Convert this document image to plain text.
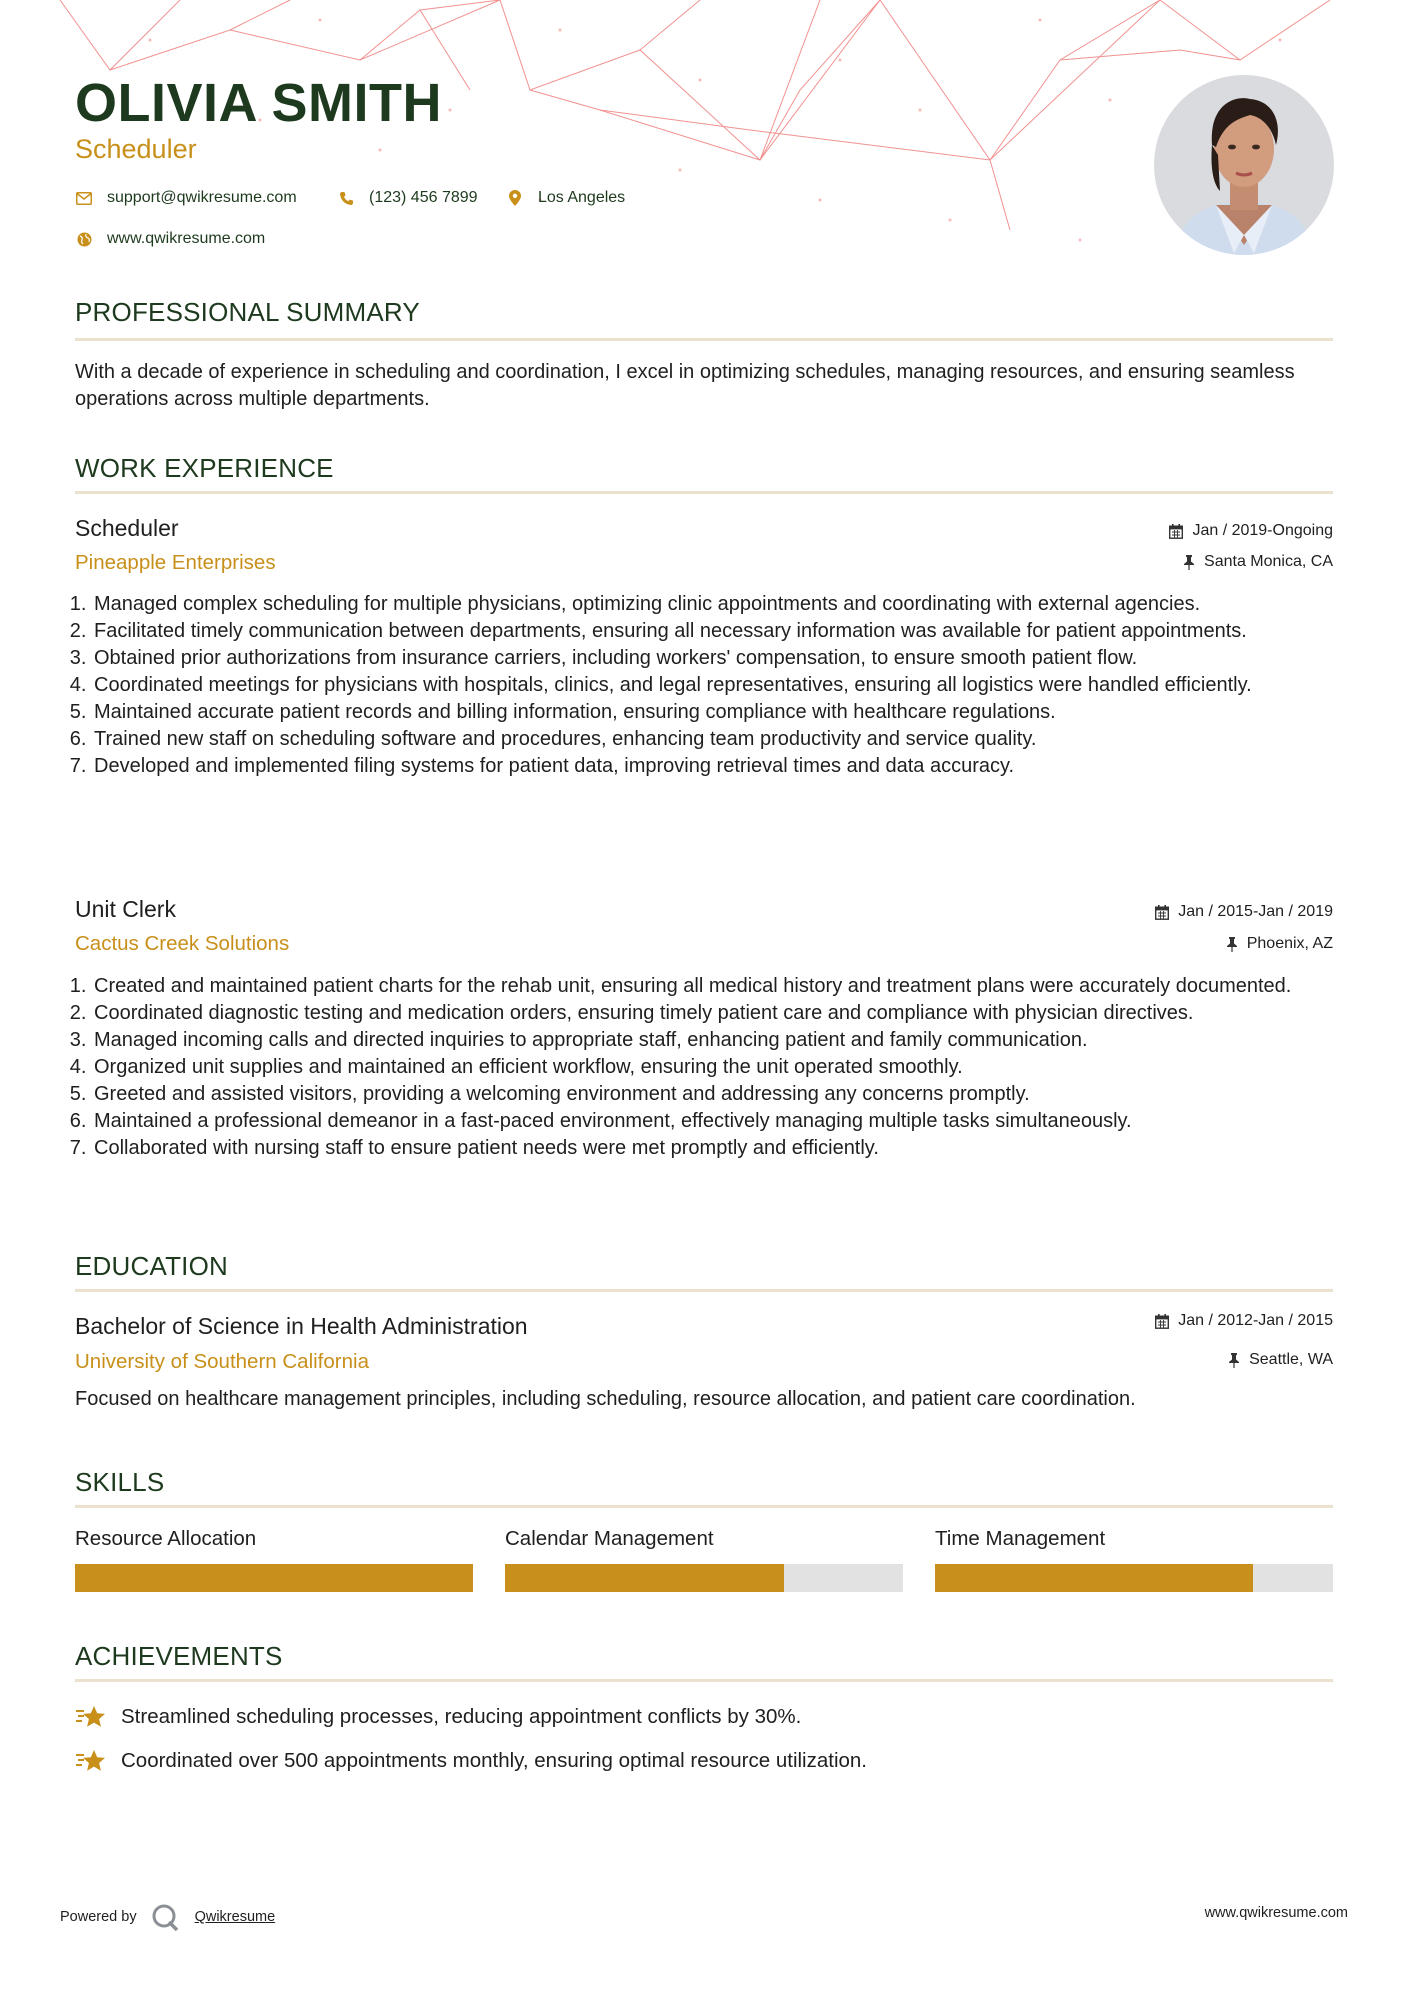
OLIVIA SMITH
Scheduler
support@qwikresume.com	(123) 456 7899	Los Angeles
www.qwikresume.com
PROFESSIONAL SUMMARY
With a decade of experience in scheduling and coordination, I excel in optimizing schedules, managing resources, and ensuring seamless operations across multiple departments.
WORK EXPERIENCE
Scheduler
Pineapple Enterprises
Jan / 2019-Ongoing
Santa Monica, CA
1. Managed complex scheduling for multiple physicians, optimizing clinic appointments and coordinating with external agencies.
2. Facilitated timely communication between departments, ensuring all necessary information was available for patient appointments.
3. Obtained prior authorizations from insurance carriers, including workers' compensation, to ensure smooth patient flow.
4. Coordinated meetings for physicians with hospitals, clinics, and legal representatives, ensuring all logistics were handled efficiently.
5. Maintained accurate patient records and billing information, ensuring compliance with healthcare regulations.
6. Trained new staff on scheduling software and procedures, enhancing team productivity and service quality.
7. Developed and implemented filing systems for patient data, improving retrieval times and data accuracy.
Unit Clerk
Cactus Creek Solutions
Jan / 2015-Jan / 2019
Phoenix, AZ
1. Created and maintained patient charts for the rehab unit, ensuring all medical history and treatment plans were accurately documented.
2. Coordinated diagnostic testing and medication orders, ensuring timely patient care and compliance with physician directives.
3. Managed incoming calls and directed inquiries to appropriate staff, enhancing patient and family communication.
4. Organized unit supplies and maintained an efficient workflow, ensuring the unit operated smoothly.
5. Greeted and assisted visitors, providing a welcoming environment and addressing any concerns promptly.
6. Maintained a professional demeanor in a fast-paced environment, effectively managing multiple tasks simultaneously.
7. Collaborated with nursing staff to ensure patient needs were met promptly and efficiently.
EDUCATION
Bachelor of Science in Health Administration
University of Southern California
Jan / 2012-Jan / 2015
Seattle, WA
Focused on healthcare management principles, including scheduling, resource allocation, and patient care coordination.
SKILLS
Resource Allocation	Calendar Management	Time Management
ACHIEVEMENTS
Streamlined scheduling processes, reducing appointment conflicts by 30%.
Coordinated over 500 appointments monthly, ensuring optimal resource utilization.
Powered by	Qwikresume	www.qwikresume.com
